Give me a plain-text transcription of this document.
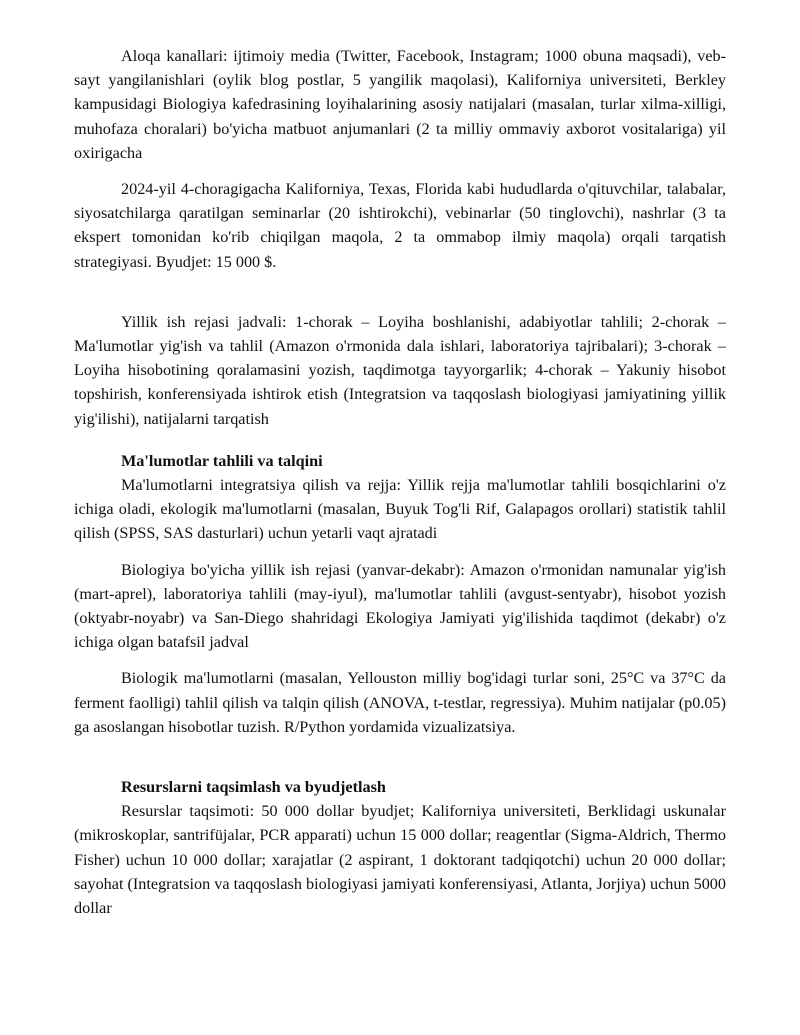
Aloqa kanallari: ijtimoiy media (Twitter, Facebook, Instagram; 1000 obuna maqsadi), veb-sayt yangilanishlari (oylik blog postlar, 5 yangilik maqolasi), Kaliforniya universiteti, Berkley kampusidagi Biologiya kafedrasining loyihalarining asosiy natijalari (masalan, turlar xilma-xilligi, muhofaza choralari) bo'yicha matbuot anjumanlari (2 ta milliy ommaviy axborot vositalariga) yil oxirigacha

2024-yil 4-choragigacha Kaliforniya, Texas, Florida kabi hududlarda o'qituvchilar, talabalar, siyosatchilarga qaratilgan seminarlar (20 ishtirokchi), vebinarlar (50 tinglovchi), nashrlar (3 ta ekspert tomonidan ko'rib chiqilgan maqola, 2 ta ommabop ilmiy maqola) orqali tarqatish strategiyasi. Byudjet: 15 000 $.

Yillik ish rejasi jadvali: 1-chorak – Loyiha boshlanishi, adabiyotlar tahlili; 2-chorak – Ma'lumotlar yig'ish va tahlil (Amazon o'rmonida dala ishlari, laboratoriya tajribalari); 3-chorak – Loyiha hisobotining qoralamasini yozish, taqdimotga tayyorgarlik; 4-chorak – Yakuniy hisobot topshirish, konferensiyada ishtirok etish (Integratsion va taqqoslash biologiyasi jamiyatining yillik yig'ilishi), natijalarni tarqatish

Ma'lumotlar tahlili va talqini

Ma'lumotlarni integratsiya qilish va rejja: Yillik rejja ma'lumotlar tahlili bosqichlarini o'z ichiga oladi, ekologik ma'lumotlarni (masalan, Buyuk Tog'li Rif, Galapagos orollari) statistik tahlil qilish (SPSS, SAS dasturlari) uchun yetarli vaqt ajratadi

Biologiya bo'yicha yillik ish rejasi (yanvar-dekabr): Amazon o'rmonidan namunalar yig'ish (mart-aprel), laboratoriya tahlili (may-iyul), ma'lumotlar tahlili (avgust-sentyabr), hisobot yozish (oktyabr-noyabr) va San-Diego shahridagi Ekologiya Jamiyati yig'ilishida taqdimot (dekabr) o'z ichiga olgan batafsil jadval

Biologik ma'lumotlarni (masalan, Yellouston milliy bog'idagi turlar soni, 25°C va 37°C da ferment faolligi) tahlil qilish va talqin qilish (ANOVA, t-testlar, regressiya). Muhim natijalar (p0.05) ga asoslangan hisobotlar tuzish. R/Python yordamida vizualizatsiya.

Resurslarni taqsimlash va byudjetlash

Resurslar taqsimoti: 50 000 dollar byudjet; Kaliforniya universiteti, Berklidagi uskunalar (mikroskoplar, santrifüjalar, PCR apparati) uchun 15 000 dollar; reagentlar (Sigma-Aldrich, Thermo Fisher) uchun 10 000 dollar; xarajatlar (2 aspirant, 1 doktorant tadqiqotchi) uchun 20 000 dollar; sayohat (Integratsion va taqqoslash biologiyasi jamiyati konferensiyasi, Atlanta, Jorjiya) uchun 5000 dollar
